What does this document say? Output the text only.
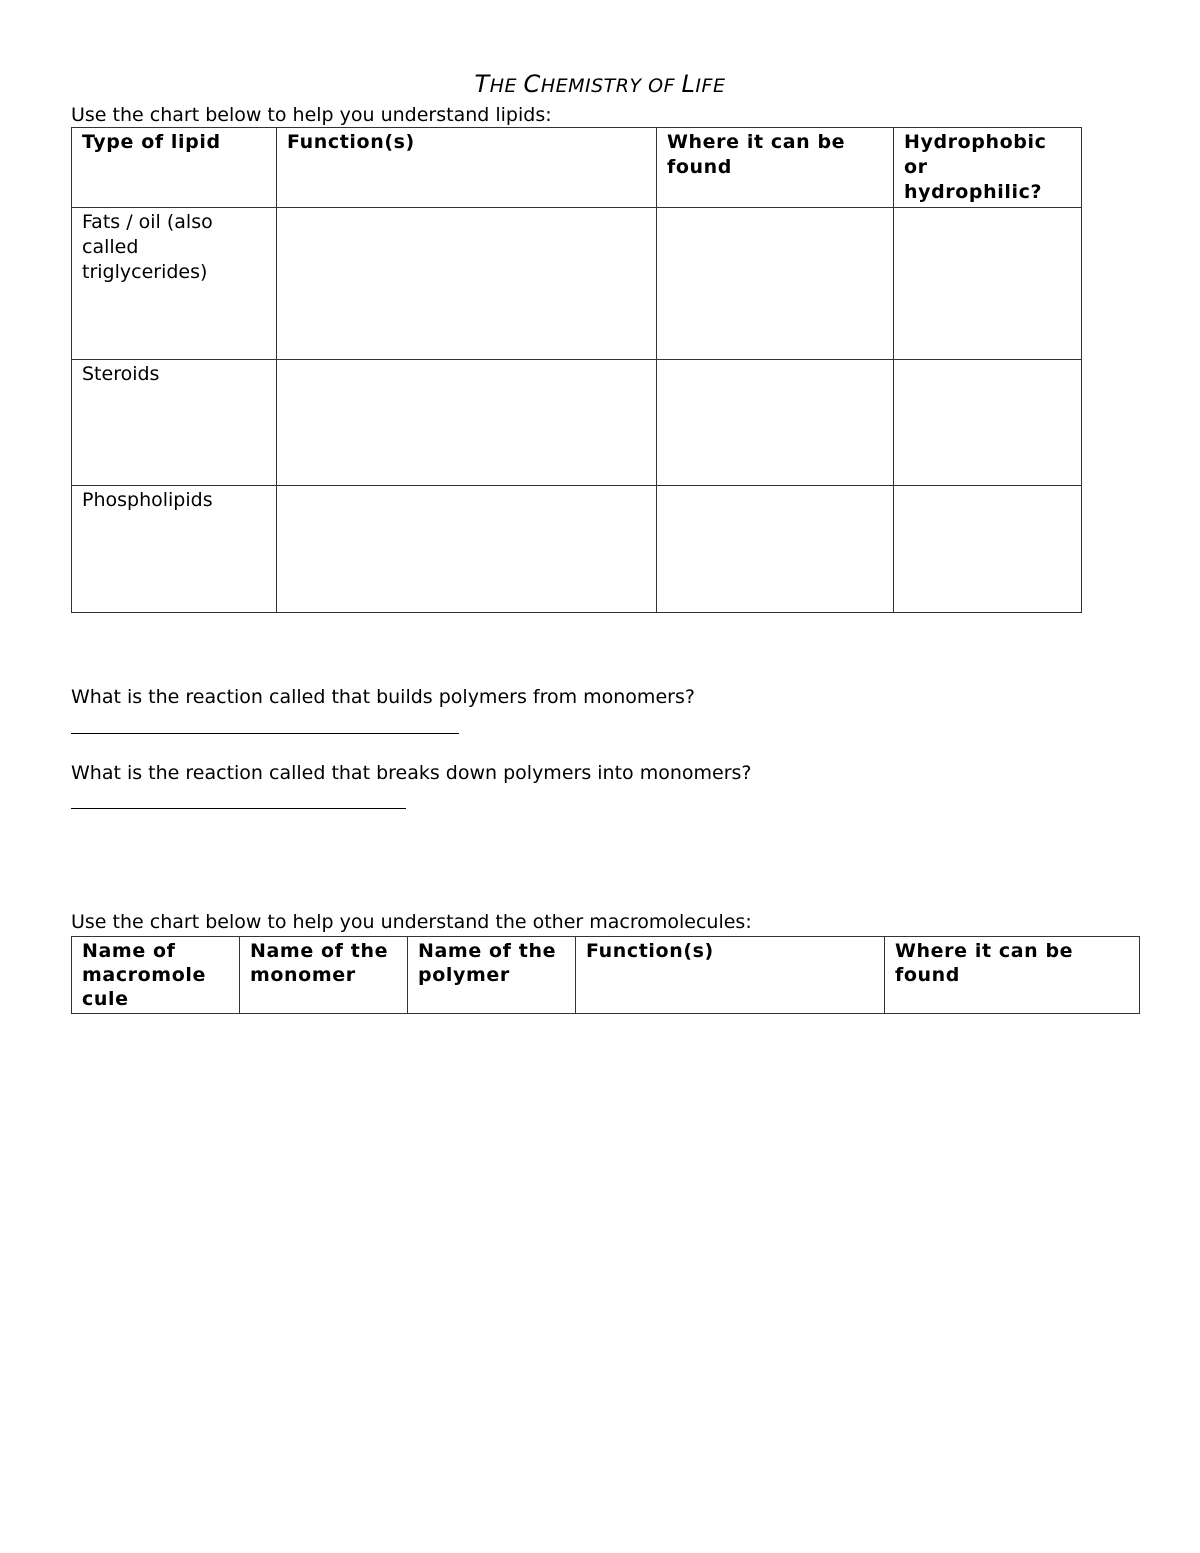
THE CHEMISTRY OF LIFE

Use the chart below to help you understand lipids:

Type of lipid	Function(s)	Where it can be found	Hydrophobic or hydrophilic?
Fats / oil (also called triglycerides)			
Steroids			
Phospholipids			

What is the reaction called that builds polymers from monomers?

What is the reaction called that breaks down polymers into monomers?

Use the chart below to help you understand the other macromolecules:

Name of macromole cule	Name of the monomer	Name of the polymer	Function(s)	Where it can be found
